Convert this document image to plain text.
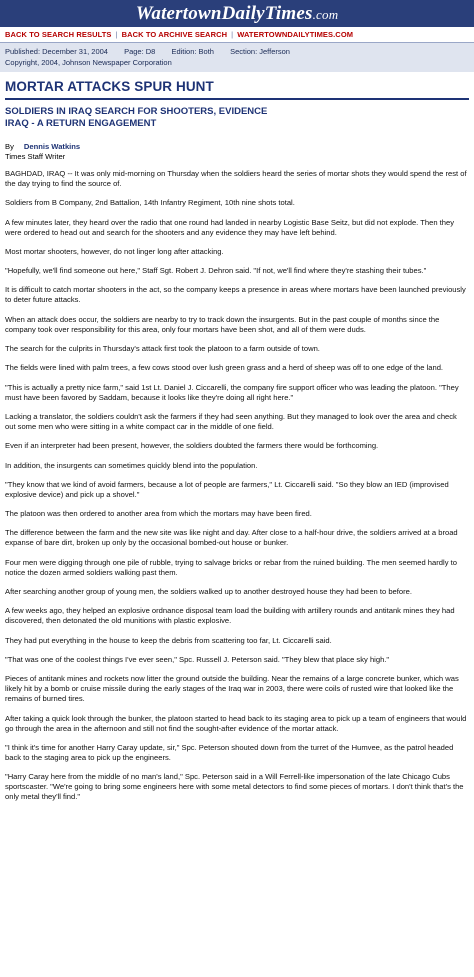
WatertownDailyTimes.com
BACK TO SEARCH RESULTS | BACK TO ARCHIVE SEARCH | WATERTOWNDAILYTIMES.COM
Published: December 31, 2004 Page: D8 Edition: Both Section: Jefferson
Copyright, 2004, Johnson Newspaper Corporation
MORTAR ATTACKS SPUR HUNT
SOLDIERS IN IRAQ SEARCH FOR SHOOTERS, EVIDENCE
IRAQ - A RETURN ENGAGEMENT
By Dennis Watkins
Times Staff Writer

BAGHDAD, IRAQ -- It was only mid-morning on Thursday when the soldiers heard the series of mortar shots they would spend the rest of the day trying to find the source of.

Soldiers from B Company, 2nd Battalion, 14th Infantry Regiment, 10th nine shots total.

A few minutes later, they heard over the radio that one round had landed in nearby Logistic Base Seitz, but did not explode. Then they were ordered to head out and search for the shooters and any evidence they may have left behind.

Most mortar shooters, however, do not linger long after attacking.

"Hopefully, we'll find someone out here," Staff Sgt. Robert J. Dehron said. "If not, we'll find where they're stashing their tubes."

It is difficult to catch mortar shooters in the act, so the company keeps a presence in areas where mortars have been launched previously to deter future attacks.

When an attack does occur, the soldiers are nearby to try to track down the insurgents. But in the past couple of months since the company took over responsibility for this area, only four mortars have been shot, and all of them were duds.

The search for the culprits in Thursday's attack first took the platoon to a farm outside of town.

The fields were lined with palm trees, a few cows stood over lush green grass and a herd of sheep was off to one edge of the land.

"This is actually a pretty nice farm," said 1st Lt. Daniel J. Ciccarelli, the company fire support officer who was leading the platoon. "They must have been favored by Saddam, because it looks like they're doing all right here."

Lacking a translator, the soldiers couldn't ask the farmers if they had seen anything. But they managed to look over the area and check out some men who were sitting in a white compact car in the middle of one field.

Even if an interpreter had been present, however, the soldiers doubted the farmers there would be forthcoming.

In addition, the insurgents can sometimes quickly blend into the population.

"They know that we kind of avoid farmers, because a lot of people are farmers," Lt. Ciccarelli said. "So they blow an IED (improvised explosive device) and pick up a shovel."

The platoon was then ordered to another area from which the mortars may have been fired.

The difference between the farm and the new site was like night and day. After close to a half-hour drive, the soldiers arrived at a broad expanse of bare dirt, broken up only by the occasional bombed-out house or bunker.

Four men were digging through one pile of rubble, trying to salvage bricks or rebar from the ruined building. The men seemed hardly to notice the dozen armed soldiers walking past them.

After searching another group of young men, the soldiers walked up to another destroyed house they had been to before.

A few weeks ago, they helped an explosive ordnance disposal team load the building with artillery rounds and antitank mines they had discovered, then detonated the old munitions with plastic explosive.

They had put everything in the house to keep the debris from scattering too far, Lt. Ciccarelli said.

"That was one of the coolest things I've ever seen," Spc. Russell J. Peterson said. "They blew that place sky high."

Pieces of antitank mines and rockets now litter the ground outside the building. Near the remains of a large concrete bunker, which was likely hit by a bomb or cruise missile during the early stages of the Iraq war in 2003, there were coils of rusted wire that looked like the remains of burned tires.

After taking a quick look through the bunker, the platoon started to head back to its staging area to pick up a team of engineers that would go through the area in the afternoon and still not find the sought-after evidence of the mortar attack.

"I think it's time for another Harry Caray update, sir," Spc. Peterson shouted down from the turret of the Humvee, as the patrol headed back to the staging area to pick up the engineers.

"Harry Caray here from the middle of no man's land," Spc. Peterson said in a Will Ferrell-like impersonation of the late Chicago Cubs sportscaster. "We're going to bring some engineers here with some metal detectors to find some pieces of mortars. I don't think that's the only metal they'll find."
